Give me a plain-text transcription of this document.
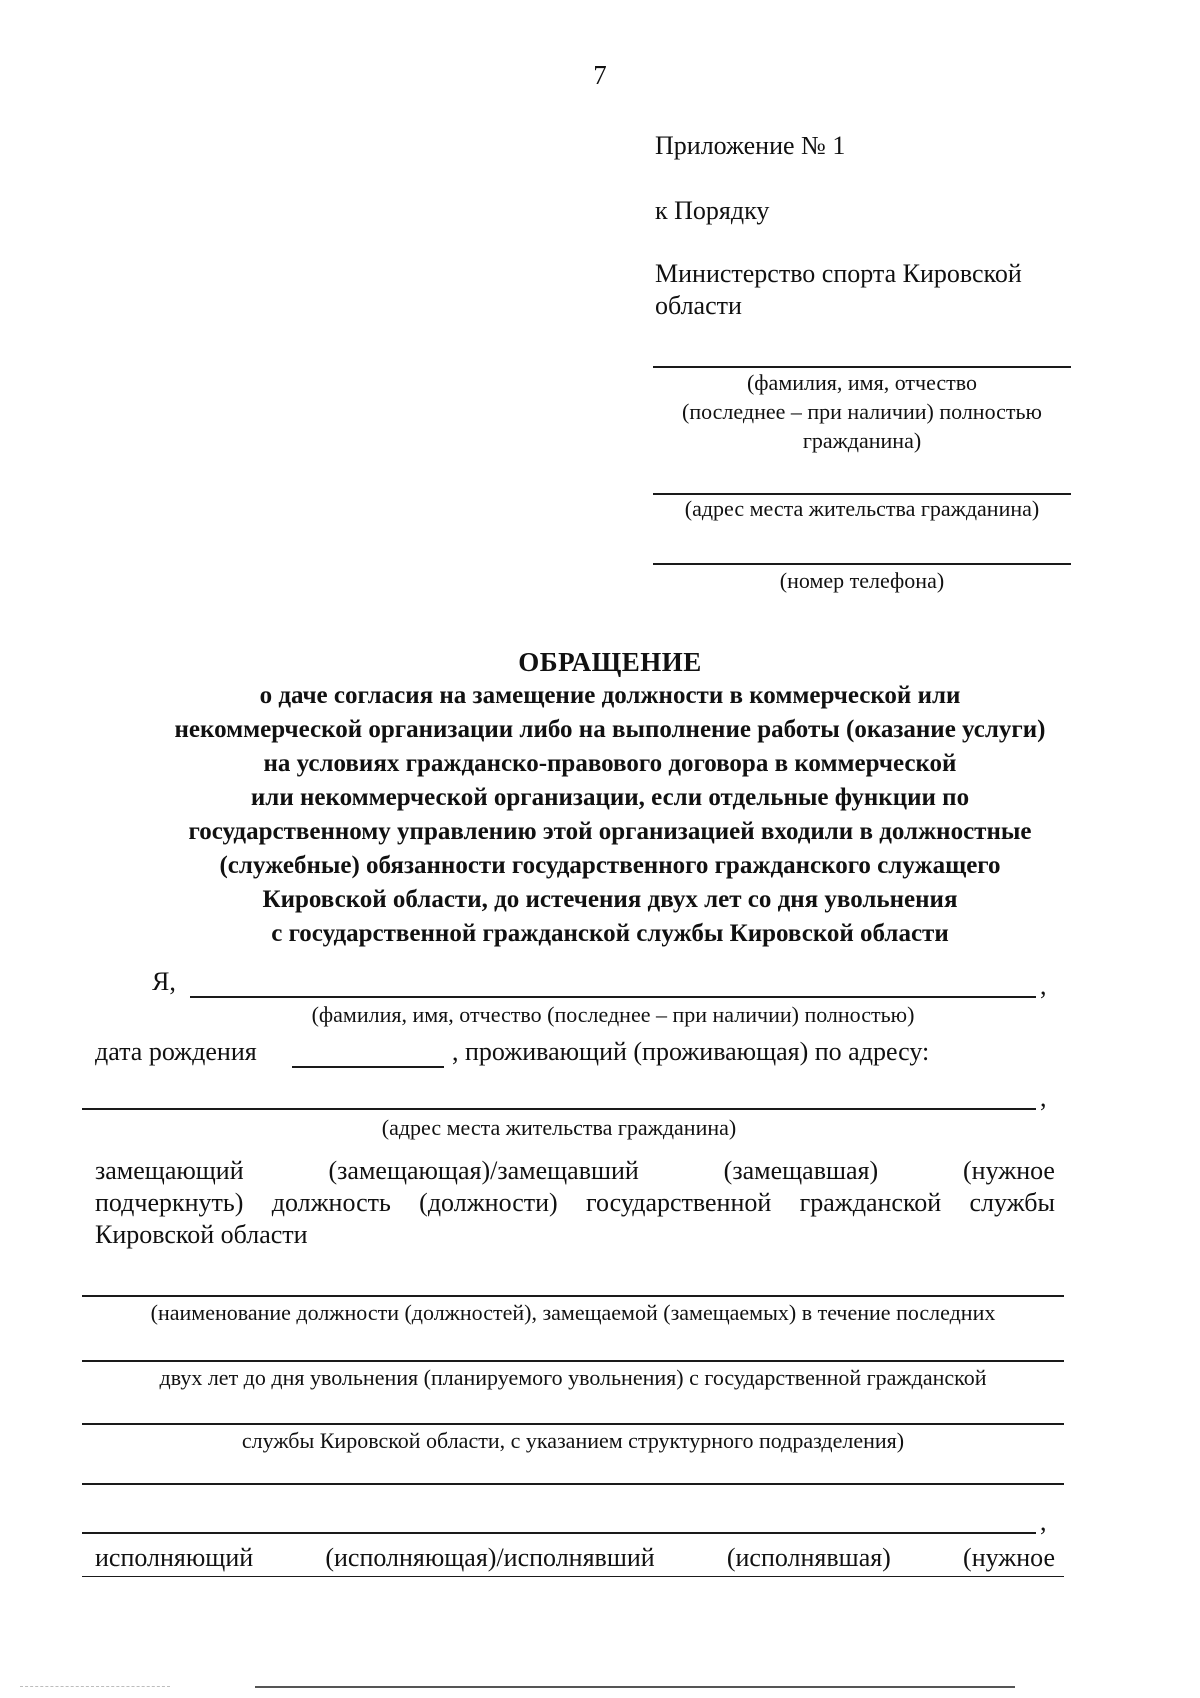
7
Приложение № 1
к Порядку
Министерство спорта Кировской
области
(фамилия, имя, отчество
(последнее – при наличии) полностью
гражданина)
(адрес места жительства гражданина)
(номер телефона)
ОБРАЩЕНИЕ
о даче согласия на замещение должности в коммерческой или
некоммерческой организации либо на выполнение работы (оказание услуги)
на условиях гражданско-правового договора в коммерческой
или некоммерческой организации, если отдельные функции по
государственному управлению этой организацией входили в должностные
(служебные) обязанности государственного гражданского служащего
Кировской области, до истечения двух лет со дня увольнения
с государственной гражданской службы Кировской области
Я,	,
(фамилия, имя, отчество (последнее – при наличии) полностью)
дата рождения	, проживающий (проживающая) по адресу:
,
(адрес места жительства гражданина)
замещающий	(замещающая)/замещавший	(замещавшая)	(нужное
подчеркнуть) должность (должности) государственной гражданской службы
Кировской области
(наименование должности (должностей), замещаемой (замещаемых) в течение последних
двух лет до дня увольнения (планируемого увольнения) с государственной гражданской
службы Кировской области, с указанием структурного подразделения)
,
исполняющий	(исполняющая)/исполнявший	(исполнявшая)	(нужное
